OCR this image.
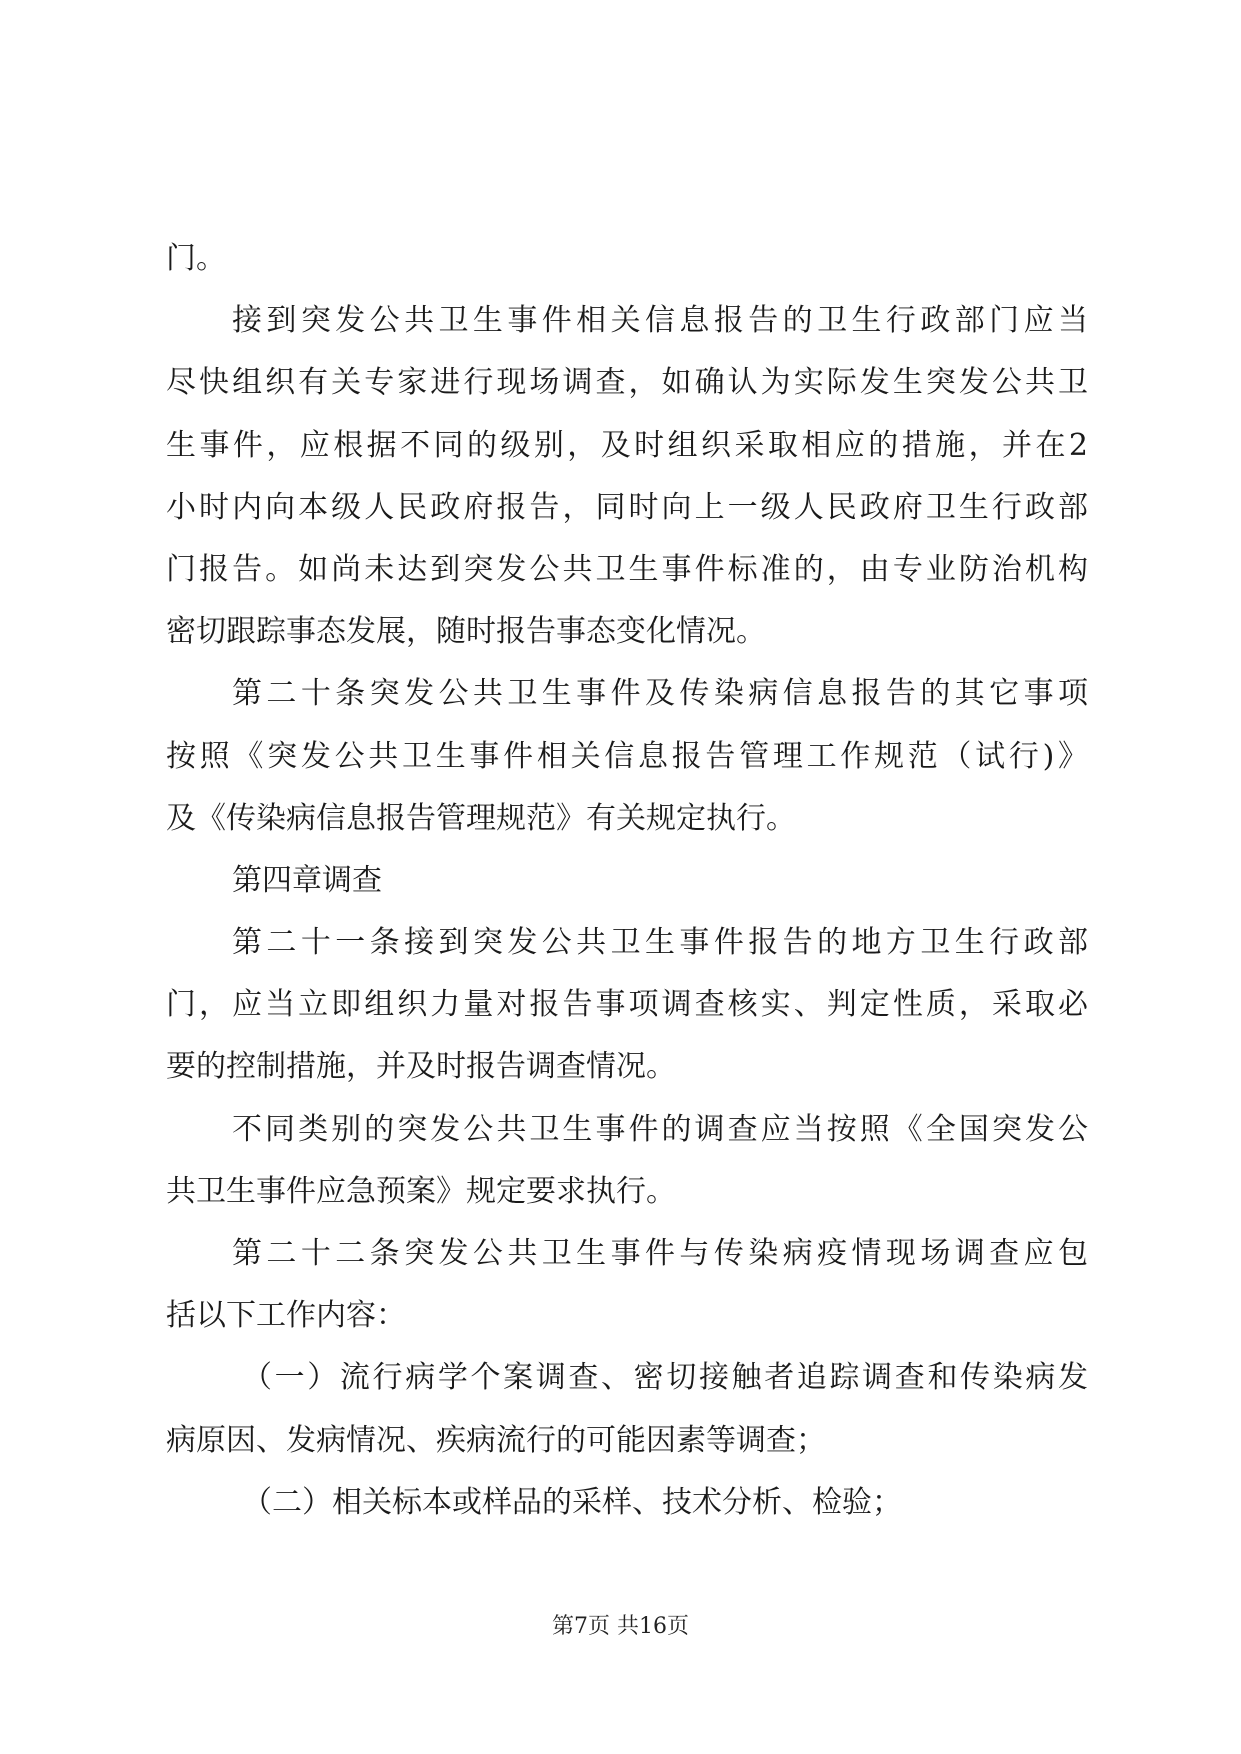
门。
接到突发公共卫生事件相关信息报告的卫生行政部门应当
尽快组织有关专家进行现场调查，如确认为实际发生突发公共卫
生事件，应根据不同的级别，及时组织采取相应的措施，并在2
小时内向本级人民政府报告，同时向上一级人民政府卫生行政部
门报告。如尚未达到突发公共卫生事件标准的，由专业防治机构
密切跟踪事态发展，随时报告事态变化情况。
第二十条突发公共卫生事件及传染病信息报告的其它事项
按照《突发公共卫生事件相关信息报告管理工作规范（试行)》
及《传染病信息报告管理规范》有关规定执行。
第四章调查
第二十一条接到突发公共卫生事件报告的地方卫生行政部
门，应当立即组织力量对报告事项调查核实、判定性质，采取必
要的控制措施，并及时报告调查情况。
不同类别的突发公共卫生事件的调查应当按照《全国突发公
共卫生事件应急预案》规定要求执行。
第二十二条突发公共卫生事件与传染病疫情现场调查应包
括以下工作内容：
（一）流行病学个案调查、密切接触者追踪调查和传染病发
病原因、发病情况、疾病流行的可能因素等调查；
（二）相关标本或样品的采样、技术分析、检验；
第7页 共16页
